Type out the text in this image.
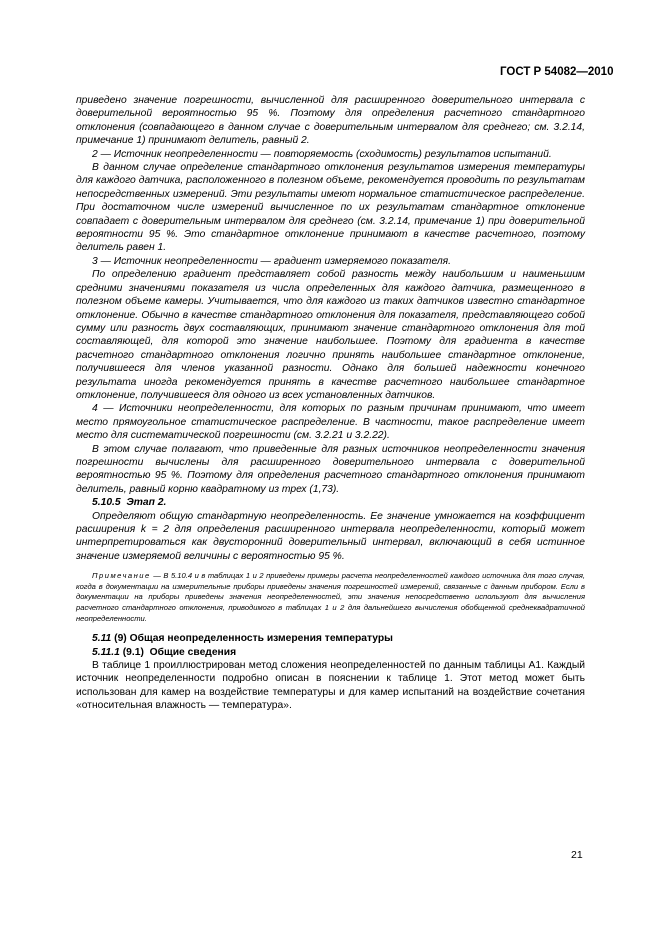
ГОСТ Р 54082—2010

приведено значение погрешности, вычисленной для расширенного доверительного интервала с доверительной вероятностью 95 %. Поэтому для определения расчетного стандартного отклонения (совпадающего в данном случае с доверительным интервалом для среднего; см. 3.2.14, примечание 1) принимают делитель, равный 2.

2 — Источник неопределенности — повторяемость (сходимость) результатов испытаний.

В данном случае определение стандартного отклонения результатов измерения температуры для каждого датчика, расположенного в полезном объеме, рекомендуется проводить по результатам непосредственных измерений. Эти результаты имеют нормальное статистическое распределение. При достаточном числе измерений вычисленное по их результатам стандартное отклонение совпадает с доверительным интервалом для среднего (см. 3.2.14, примечание 1) при доверительной вероятности 95 %. Это стандартное отклонение принимают в качестве расчетного, поэтому делитель равен 1.

3 — Источник неопределенности — градиент измеряемого показателя.

По определению градиент представляет собой разность между наибольшим и наименьшим средними значениями показателя из числа определенных для каждого датчика, размещенного в полезном объеме камеры. Учитывается, что для каждого из таких датчиков известно стандартное отклонение. Обычно в качестве стандартного отклонения для показателя, представляющего собой сумму или разность двух составляющих, принимают значение стандартного отклонения для той составляющей, для которой это значение наибольшее. Поэтому для градиента в качестве расчетного стандартного отклонения логично принять наибольшее стандартное отклонение, получившееся для членов указанной разности. Однако для большей надежности конечного результата иногда рекомендуется принять в качестве расчетного наибольшее стандартное отклонение, получившееся для одного из всех установленных датчиков.

4 — Источники неопределенности, для которых по разным причинам принимают, что имеет место прямоугольное статистическое распределение. В частности, такое распределение имеет место для систематической погрешности (см. 3.2.21 и 3.2.22).

В этом случае полагают, что приведенные для разных источников неопределенности значения погрешности вычислены для расширенного доверительного интервала с доверительной вероятностью 95 %. Поэтому для определения расчетного стандартного отклонения принимают делитель, равный корню квадратному из трех (1,73).

5.10.5 Этап 2.

Определяют общую стандартную неопределенность. Ее значение умножается на коэффициент расширения k = 2 для определения расширенного интервала неопределенности, который может интерпретироваться как двусторонний доверительный интервал, включающий в себя истинное значение измеряемой величины с вероятностью 95 %.

Примечание — В 5.10.4 и в таблицах 1 и 2 приведены примеры расчета неопределенностей каждого источника для того случая, когда в документации на измерительные приборы приведены значения погрешностей измерений, связанные с данным прибором. Если в документации на приборы приведены значения неопределенностей, эти значения непосредственно используют для вычисления расчетного стандартного отклонения, приводимого в таблицах 1 и 2 для дальнейшего вычисления обобщенной среднеквадратичной неопределенности.

5.11 (9) Общая неопределенность измерения температуры

5.11.1 (9.1) Общие сведения

В таблице 1 проиллюстрирован метод сложения неопределенностей по данным таблицы А1. Каждый источник неопределенности подробно описан в пояснении к таблице 1. Этот метод может быть использован для камер на воздействие температуры и для камер испытаний на воздействие сочетания «относительная влажность — температура».

21
